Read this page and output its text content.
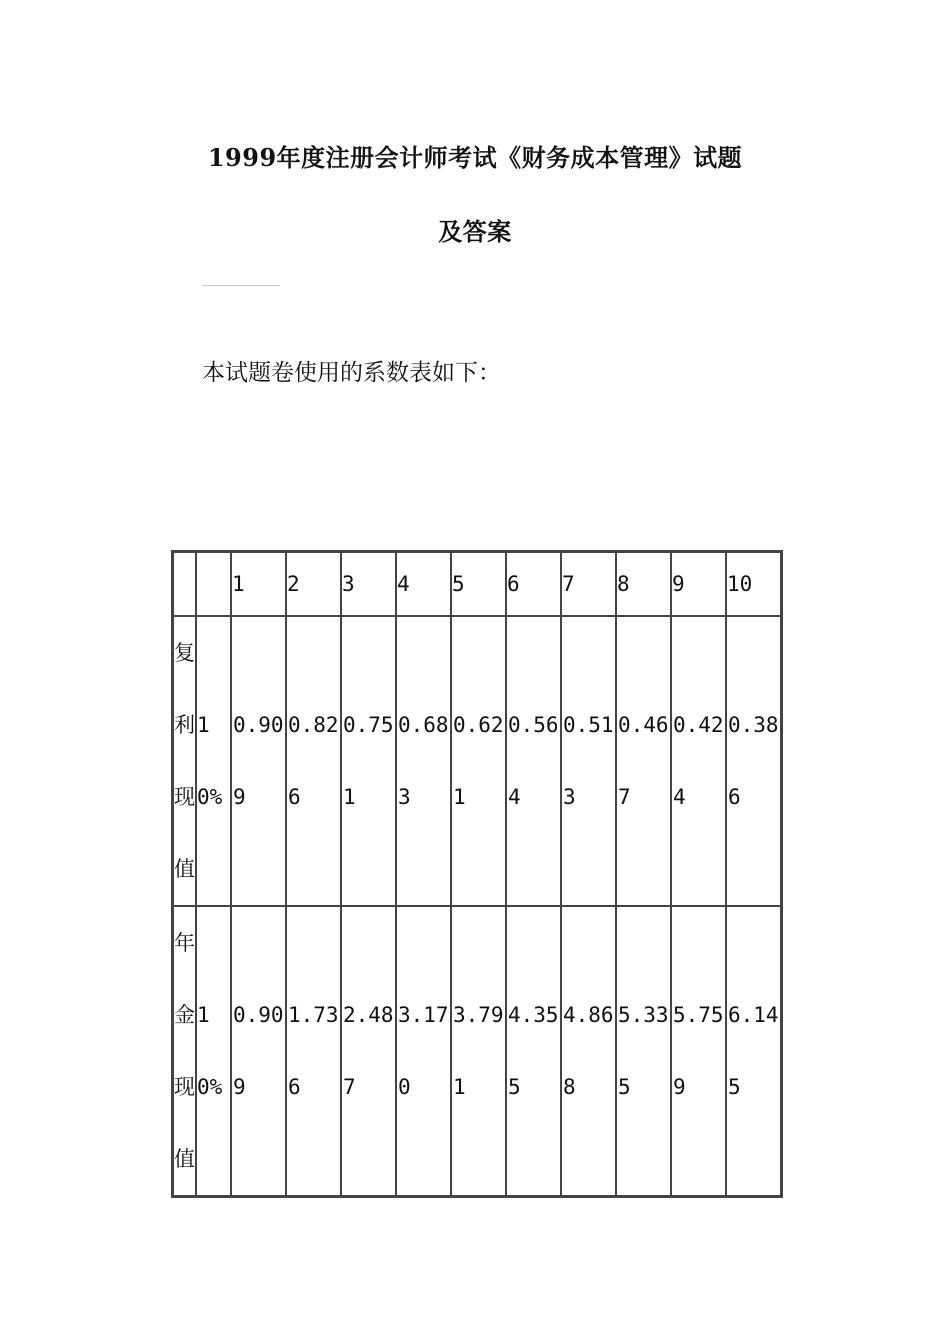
1999年度注册会计师考试《财务成本管理》试题
及答案
本试题卷使用的系数表如下：
		1	2	3	4	5	6	7	8	9	10
复利现值	10%	0.909	0.826	0.751	0.683	0.621	0.564	0.513	0.467	0.424	0.386
年金现值	10%	0.909	1.736	2.487	3.170	3.791	4.355	4.868	5.335	5.759	6.145
